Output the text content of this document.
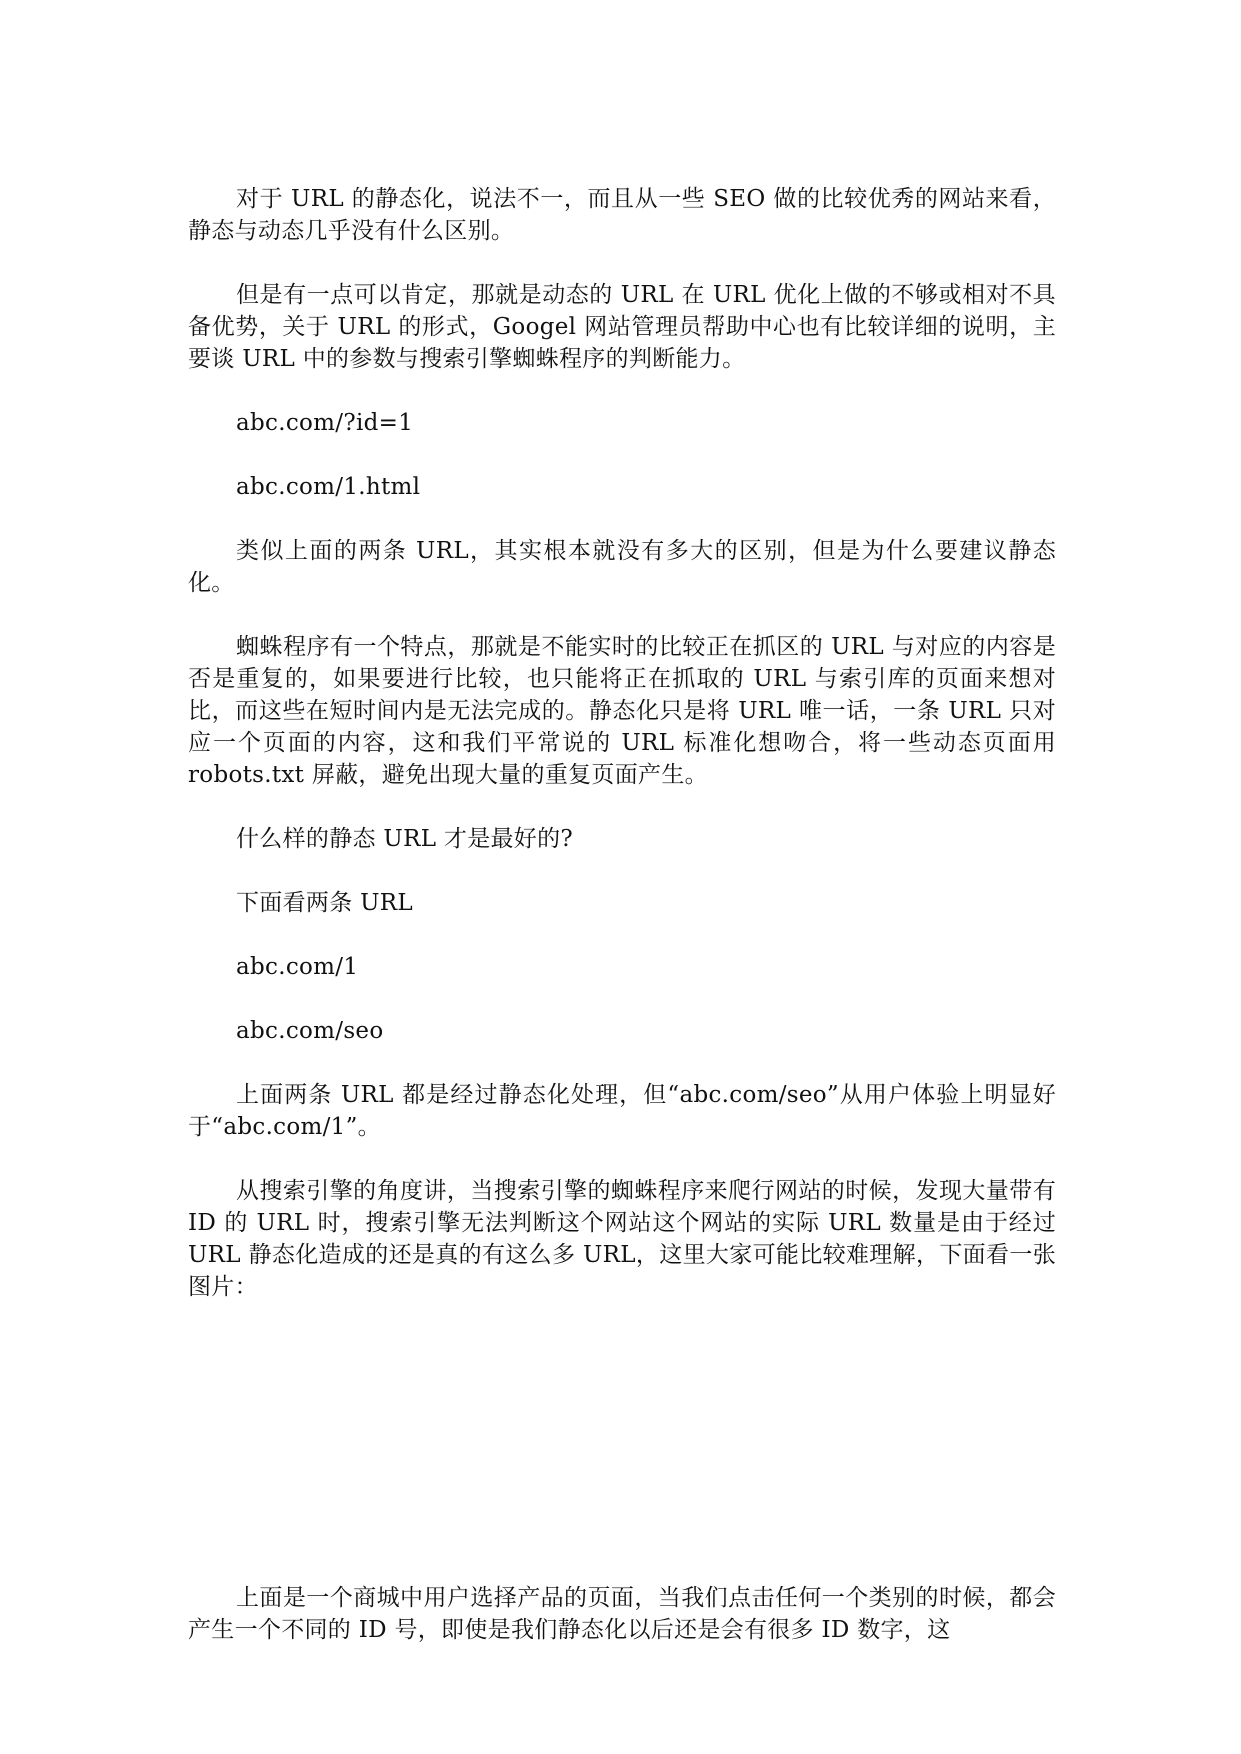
对于 URL 的静态化，说法不一，而且从一些 SEO 做的比较优秀的网站来看，静态与动态几乎没有什么区别。

但是有一点可以肯定，那就是动态的 URL 在 URL 优化上做的不够或相对不具备优势，关于 URL 的形式，Googel 网站管理员帮助中心也有比较详细的说明，主要谈 URL 中的参数与搜索引擎蜘蛛程序的判断能力。

abc.com/?id=1

abc.com/1.html

类似上面的两条 URL，其实根本就没有多大的区别，但是为什么要建议静态化。

蜘蛛程序有一个特点，那就是不能实时的比较正在抓区的 URL 与对应的内容是否是重复的，如果要进行比较，也只能将正在抓取的 URL 与索引库的页面来想对比，而这些在短时间内是无法完成的。静态化只是将 URL 唯一话，一条 URL 只对应一个页面的内容，这和我们平常说的 URL 标准化想吻合，将一些动态页面用 robots.txt 屏蔽，避免出现大量的重复页面产生。

什么样的静态 URL 才是最好的?

下面看两条 URL

abc.com/1

abc.com/seo

上面两条 URL 都是经过静态化处理，但“abc.com/seo”从用户体验上明显好于“abc.com/1”。

从搜索引擎的角度讲，当搜索引擎的蜘蛛程序来爬行网站的时候，发现大量带有 ID 的 URL 时，搜索引擎无法判断这个网站这个网站的实际 URL 数量是由于经过 URL 静态化造成的还是真的有这么多 URL，这里大家可能比较难理解，下面看一张图片：

上面是一个商城中用户选择产品的页面，当我们点击任何一个类别的时候，都会产生一个不同的 ID 号，即使是我们静态化以后还是会有很多 ID 数字，这
